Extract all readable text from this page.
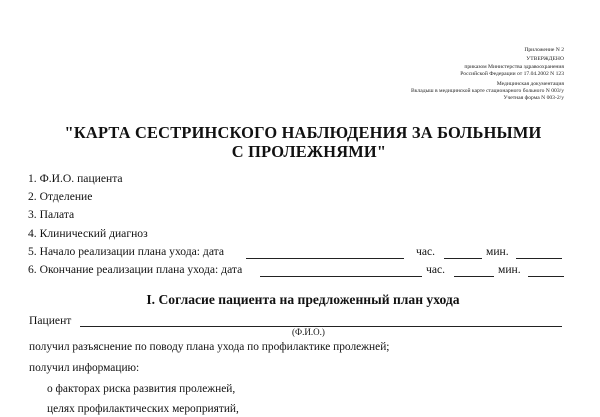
Приложение N 2
УТВЕРЖДЕНО
приказом Министерства здравоохранения
Российской Федерации от 17.04.2002 N 123
Медицинская документация
Вкладыш в медицинской карте стационарного больного N 003/у
Учетная форма N 003-2/у
"КАРТА СЕСТРИНСКОГО НАБЛЮДЕНИЯ ЗА БОЛЬНЫМИ
С ПРОЛЕЖНЯМИ"
1. Ф.И.О. пациента
2. Отделение
3. Палата
4. Клинический диагноз
5. Начало реализации плана ухода: дата	час.	мин.
6. Окончание реализации плана ухода: дата	час.	мин.
I. Согласие пациента на предложенный план ухода
Пациент
(Ф.И.О.)
получил разъяснение по поводу плана ухода по профилактике пролежней;
получил информацию:
о факторах риска развития пролежней,
целях профилактических мероприятий,
